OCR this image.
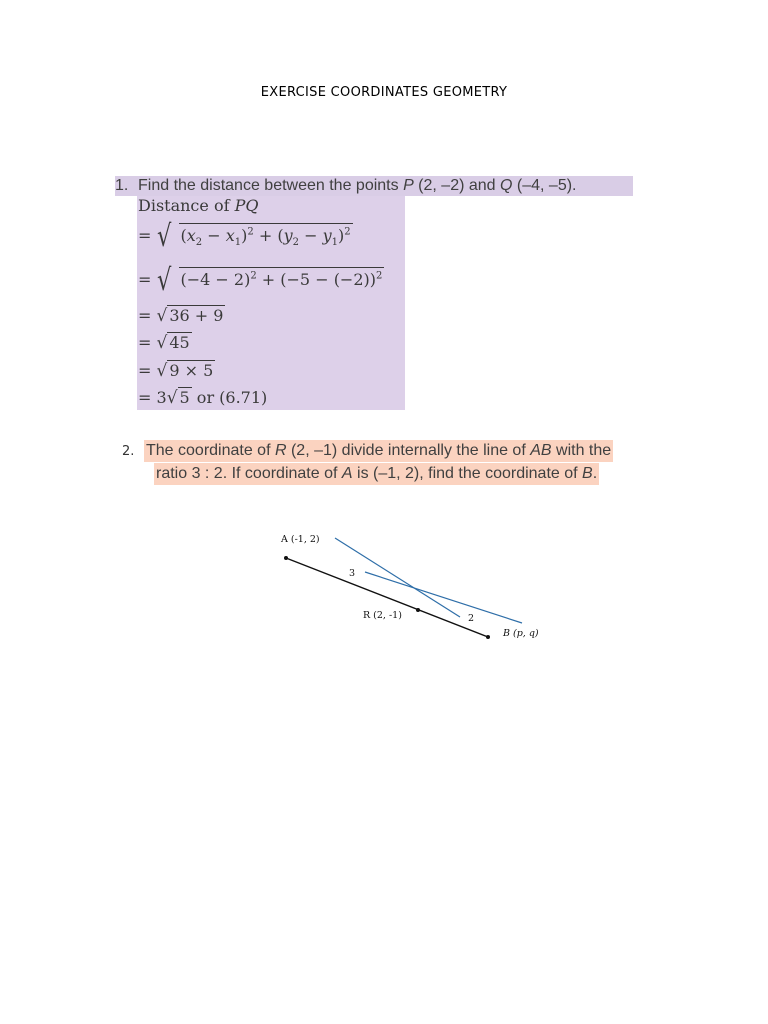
EXERCISE COORDINATES GEOMETRY
1. Find the distance between the points P (2, –2) and Q (–4, –5).
Distance of PQ
= √ $(x_2 - x_1)^2 + (y_2 - y_1)^2$
= √ $(-4 - 2)^2 + (-5 - (-2))^2$
= √ 36 + 9
= √ 45
= √ 9 × 5
= 3√ 5 or (6.71)
2. The coordinate of R (2, –1) divide internally the line of AB with the
ratio 3 : 2. If coordinate of A is (–1, 2), find the coordinate of B.
A (-1, 2)
3
R (2, -1)	2
B (p, q)
